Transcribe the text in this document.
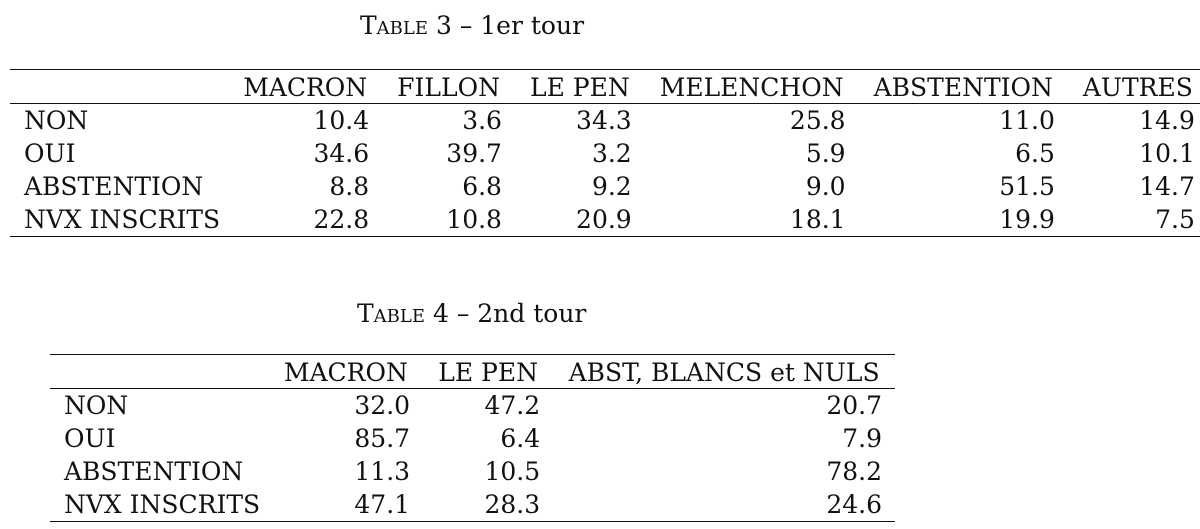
Table 3 – 1er tour
	MACRON	FILLON	LE PEN	MELENCHON	ABSTENTION	AUTRES
NON	10.4	3.6	34.3	25.8	11.0	14.9
OUI	34.6	39.7	3.2	5.9	6.5	10.1
ABSTENTION	8.8	6.8	9.2	9.0	51.5	14.7
NVX INSCRITS	22.8	10.8	20.9	18.1	19.9	7.5
Table 4 – 2nd tour
	MACRON	LE PEN	ABST, BLANCS et NULS
NON	32.0	47.2	20.7
OUI	85.7	6.4	7.9
ABSTENTION	11.3	10.5	78.2
NVX INSCRITS	47.1	28.3	24.6
